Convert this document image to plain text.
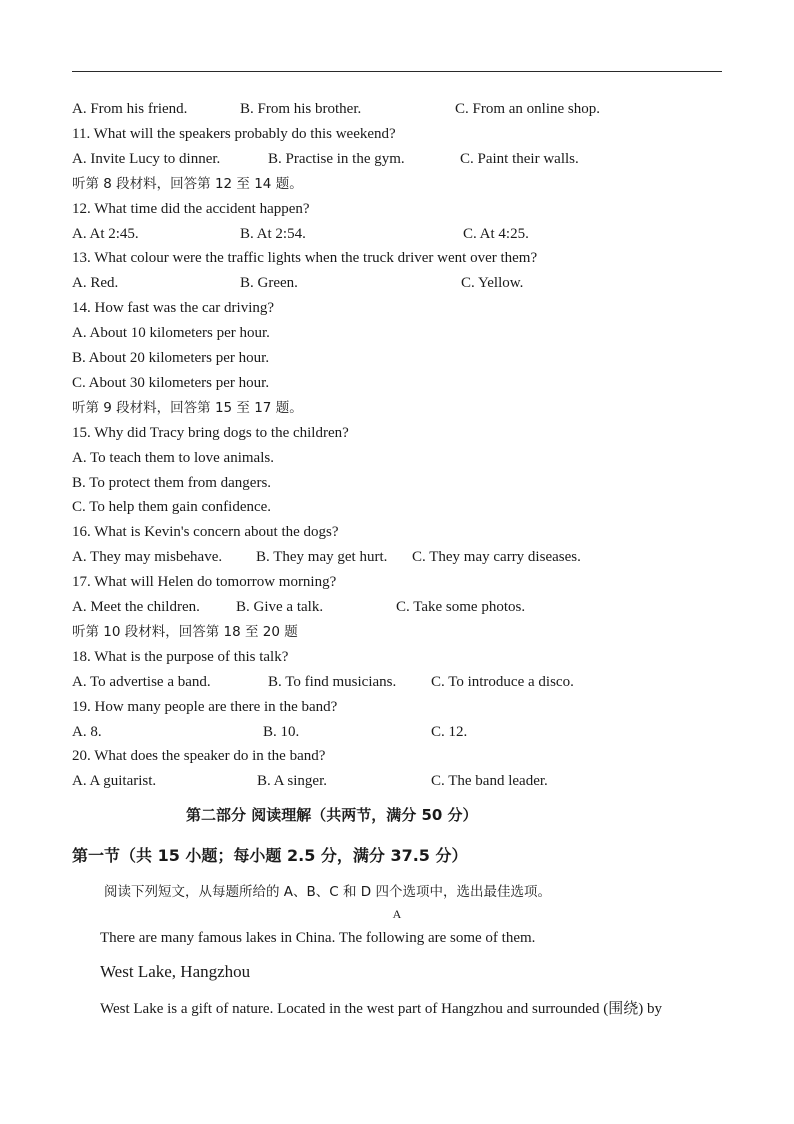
A. From his friend.	B. From his brother.	C. From an online shop.
11. What will the speakers probably do this weekend?
A. Invite Lucy to dinner.	B. Practise in the gym.	C. Paint their walls.
听第 8 段材料，回答第 12 至 14 题。
12. What time did the accident happen?
A. At 2:45.	B. At 2:54.	C. At 4:25.
13. What colour were the traffic lights when the truck driver went over them?
A. Red.	B. Green.	C. Yellow.
14. How fast was the car driving?
A. About 10 kilometers per hour.
B. About 20 kilometers per hour.
C. About 30 kilometers per hour.
听第 9 段材料，回答第 15 至 17 题。
15. Why did Tracy bring dogs to the children?
A. To teach them to love animals.
B. To protect them from dangers.
C. To help them gain confidence.
16. What is Kevin's concern about the dogs?
A. They may misbehave. B. They may get hurt. C. They may carry diseases.
17. What will Helen do tomorrow morning?
A. Meet the children. B. Give a talk.	C. Take some photos.
听第 10 段材料，回答第 18 至 20 题
18. What is the purpose of this talk?
A. To advertise a band.	B. To find musicians. C. To introduce a disco.
19. How many people are there in the band?
A. 8.	B. 10.	C. 12.
20. What does the speaker do in the band?
A. A guitarist.	B. A singer.	C. The band leader.
第二部分 阅读理解（共两节，满分 50 分）
第一节（共 15 小题；每小题 2.5 分，满分 37.5 分）
阅读下列短文，从每题所给的 A、B、C 和 D 四个选项中，选出最佳选项。
A
There are many famous lakes in China. The following are some of them.
West Lake, Hangzhou
West Lake is a gift of nature. Located in the west part of Hangzhou and surrounded (围绕) by
